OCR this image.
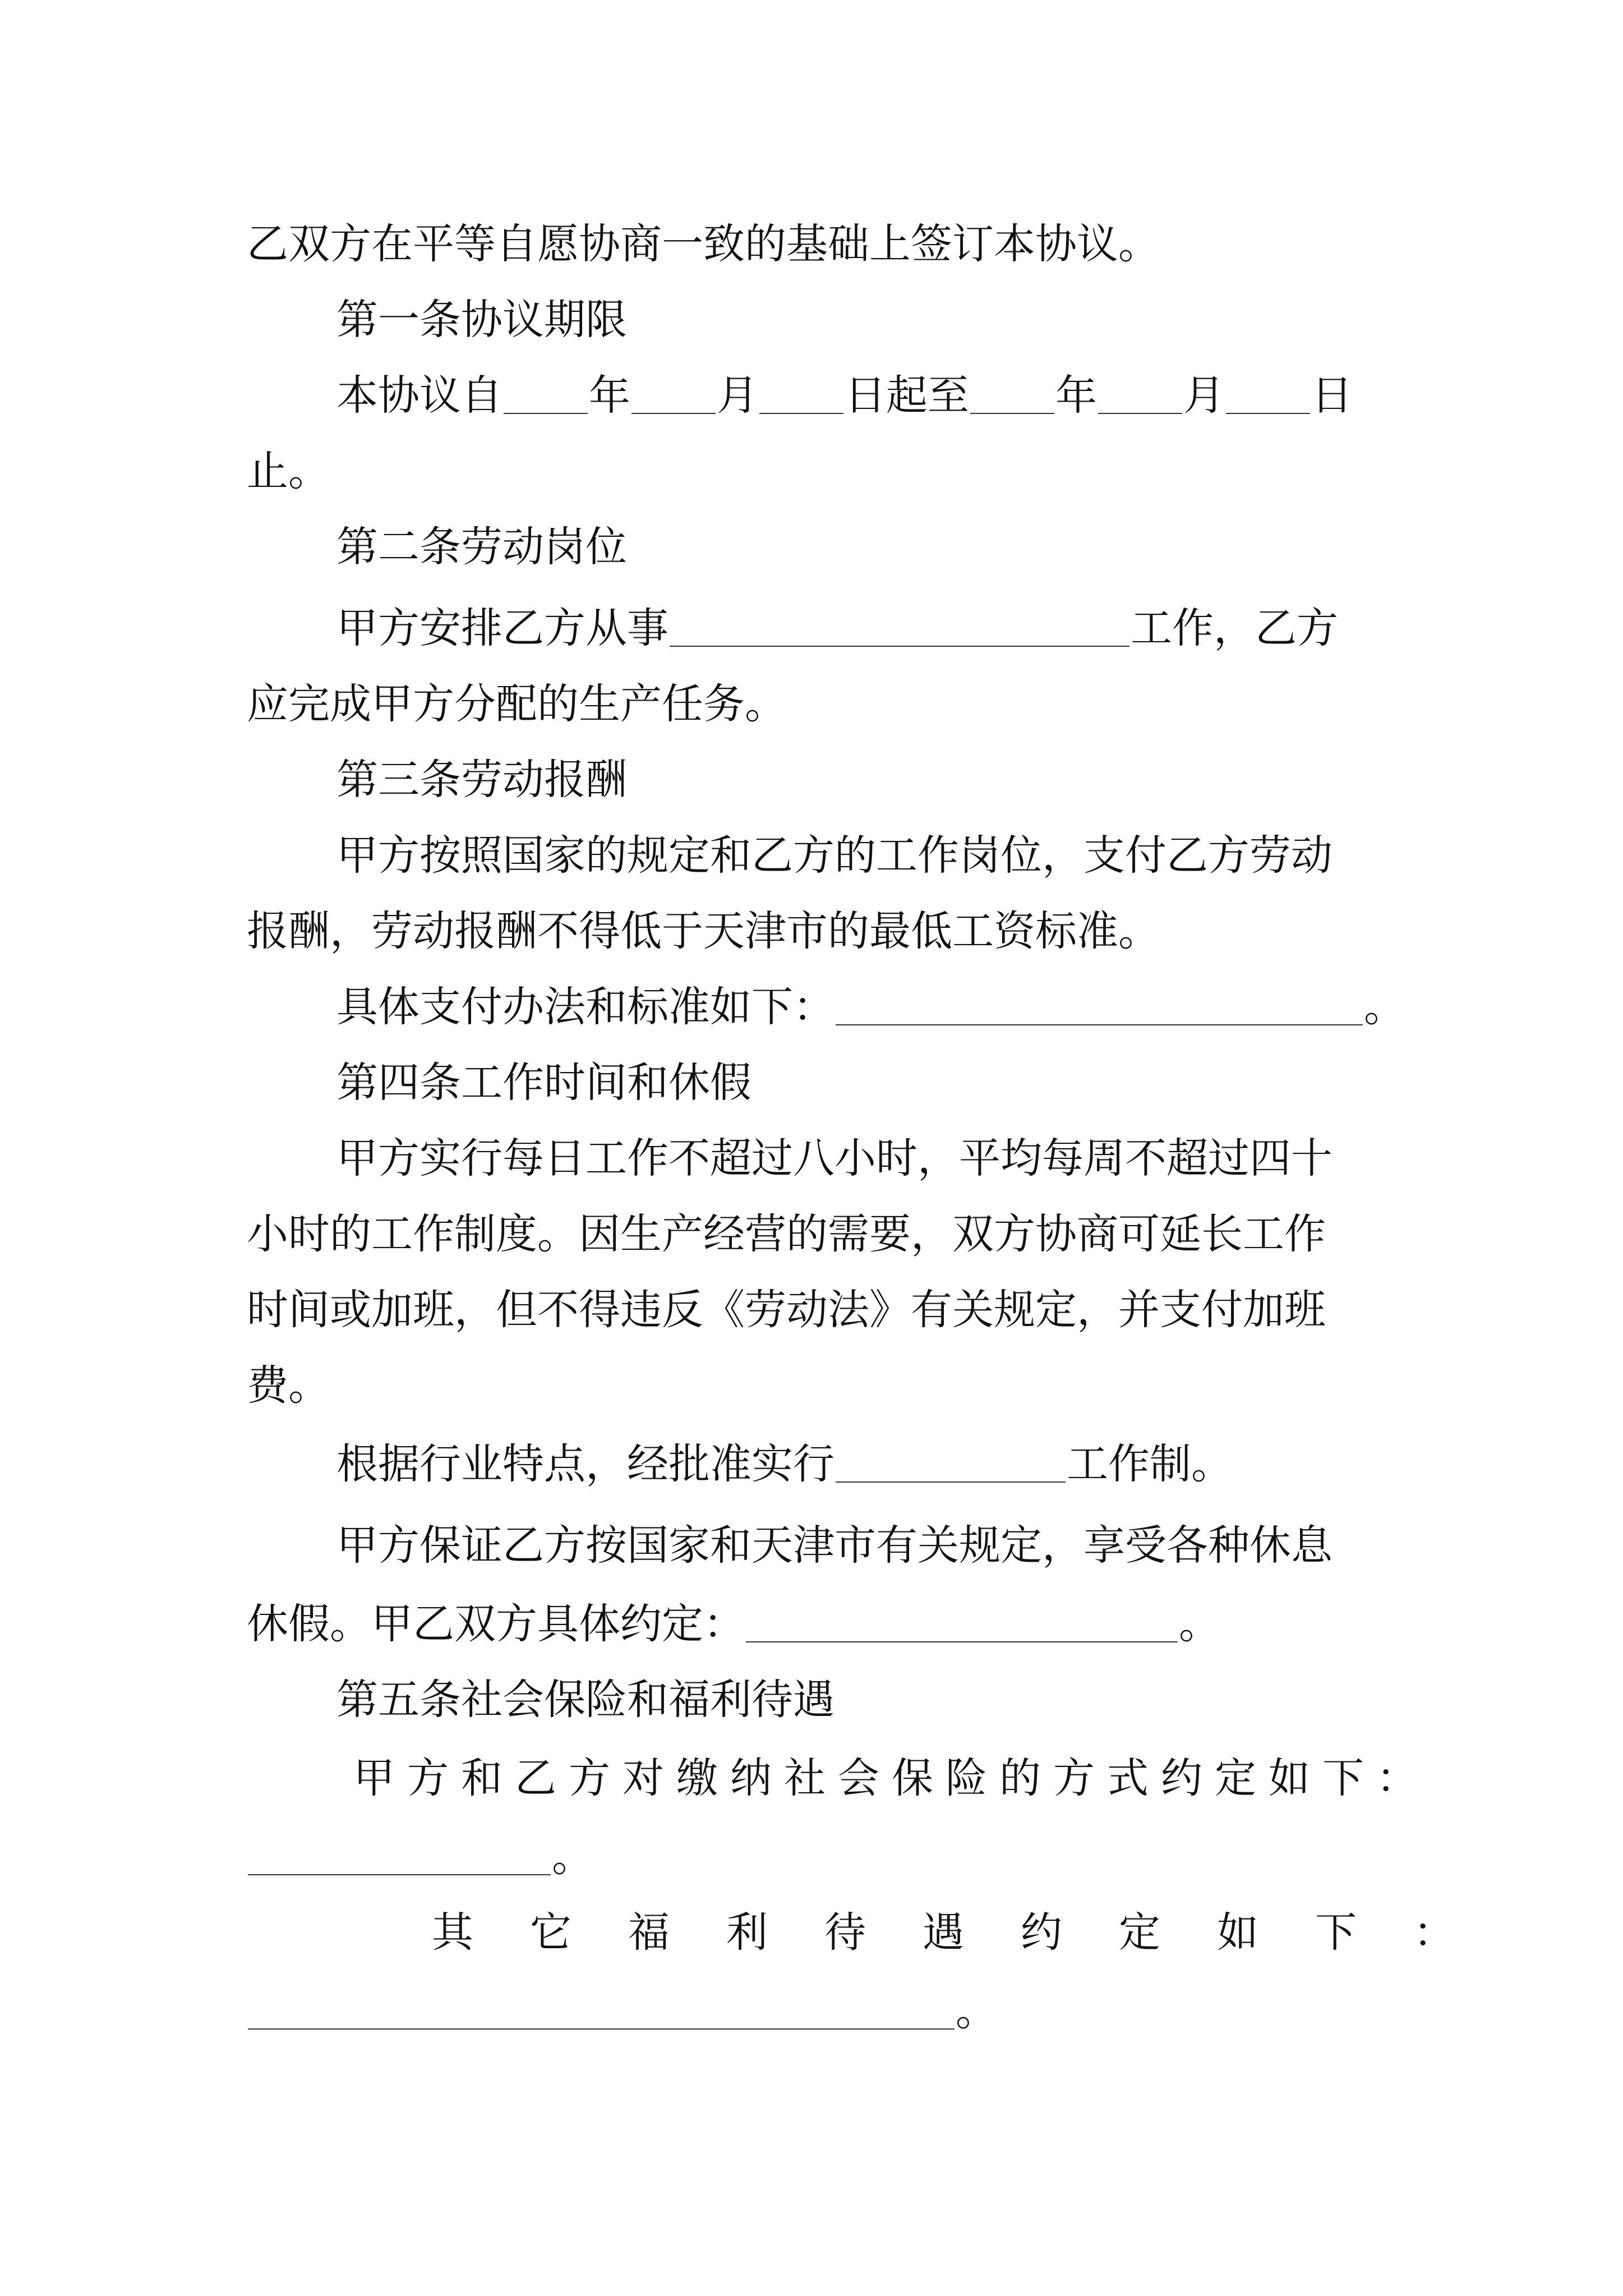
乙双方在平等自愿协商一致的基础上签订本协议。
第一条协议期限
本协议自 年 月 日起至 年 月 日
止。
第二条劳动岗位
甲方安排乙方从事	工作，乙方
应完成甲方分配的生产任务。
第三条劳动报酬
甲方按照国家的规定和乙方的工作岗位，支付乙方劳动
报酬，劳动报酬不得低于天津市的最低工资标准。
具体支付办法和标准如下：	。
第四条工作时间和休假
甲方实行每日工作不超过八小时，平均每周不超过四十
小时的工作制度。因生产经营的需要，双方协商可延长工作
时间或加班，但不得违反《劳动法》有关规定，并支付加班
费。
根据行业特点，经批准实行	工作制。
甲方保证乙方按国家和天津市有关规定，享受各种休息
休假。甲乙双方具体约定：	。
第五条社会保险和福利待遇
甲方和乙方对缴纳社会保险的方式约定如下：
。
其它福利待遇约定如下：
。
